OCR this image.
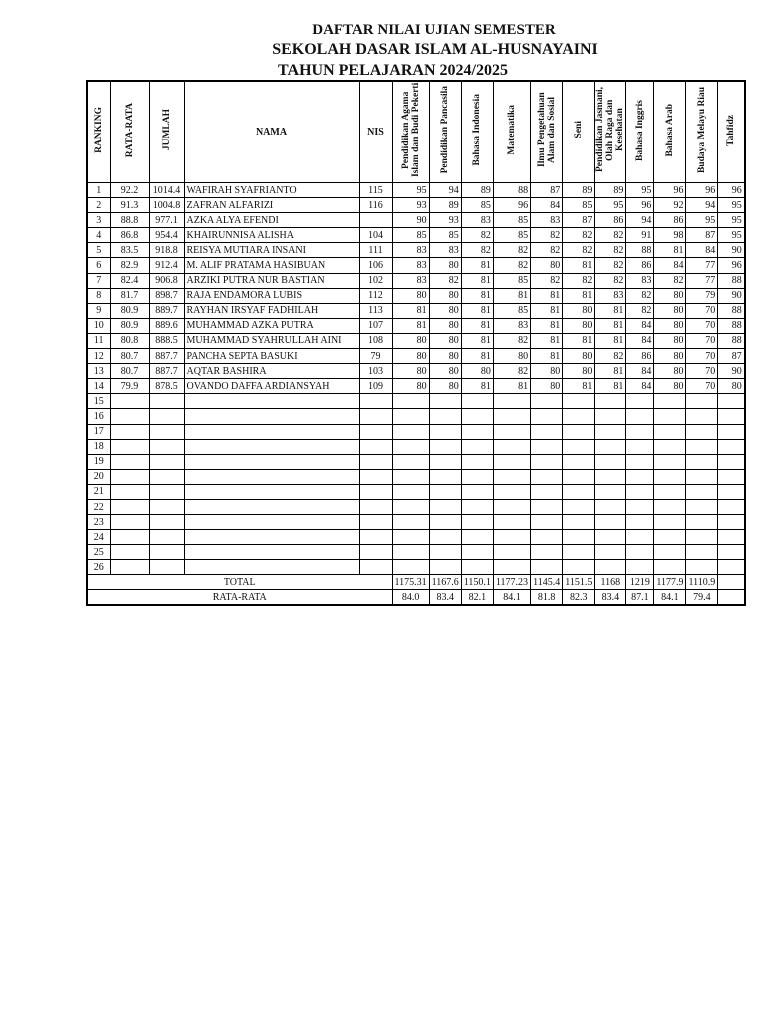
DAFTAR NILAI UJIAN SEMESTER
SEKOLAH DASAR ISLAM AL-HUSNAYAINI
TAHUN PELAJARAN 2024/2025
RANKING	RATA-RATA	JUMLAH	NAMA	NIS	Pendidikan Agama Islam dan Budi Pekerti	Pendidikan Pancasila	Bahasa Indonesia	Matematika	Ilmu Pengetahuan Alam dan Sosial	Seni	Pendidikan Jasmani, Olah Raga dan Kesehatan	Bahasa Inggris	Bahasa Arab	Budaya Melayu Riau	Tahfidz
1	92.2	1014.4	WAFIRAH SYAFRIANTO	115	95	94	89	88	87	89	89	95	96	96	96
2	91.3	1004.8	ZAFRAN ALFARIZI	116	93	89	85	96	84	85	95	96	92	94	95
3	88.8	977.1	AZKA ALYA EFENDI		90	93	83	85	83	87	86	94	86	95	95
4	86.8	954.4	KHAIRUNNISA ALISHA	104	85	85	82	85	82	82	82	91	98	87	95
5	83.5	918.8	REISYA MUTIARA INSANI	111	83	83	82	82	82	82	82	88	81	84	90
6	82.9	912.4	M. ALIF PRATAMA HASIBUAN	106	83	80	81	82	80	81	82	86	84	77	96
7	82.4	906.8	ARZIKI PUTRA NUR BASTIAN	102	83	82	81	85	82	82	82	83	82	77	88
8	81.7	898.7	RAJA ENDAMORA LUBIS	112	80	80	81	81	81	81	83	82	80	79	90
9	80.9	889.7	RAYHAN IRSYAF FADHILAH	113	81	80	81	85	81	80	81	82	80	70	88
10	80.9	889.6	MUHAMMAD AZKA PUTRA	107	81	80	81	83	81	80	81	84	80	70	88
11	80.8	888.5	MUHAMMAD SYAHRULLAH AINI	108	80	80	81	82	81	81	81	84	80	70	88
12	80.7	887.7	PANCHA SEPTA BASUKI	79	80	80	81	80	81	80	82	86	80	70	87
13	80.7	887.7	AQTAR BASHIRA	103	80	80	80	82	80	80	81	84	80	70	90
14	79.9	878.5	OVANDO DAFFA ARDIANSYAH	109	80	80	81	81	80	81	81	84	80	70	80
15															
16															
17															
18															
19															
20															
21															
22															
23															
24															
25															
26															
TOTAL					1175.31	1167.6	1150.1	1177.23	1145.4	1151.5	1168	1219	1177.9	1110.9	
RATA-RATA					84.0	83.4	82.1	84.1	81.8	82.3	83.4	87.1	84.1	79.4	
